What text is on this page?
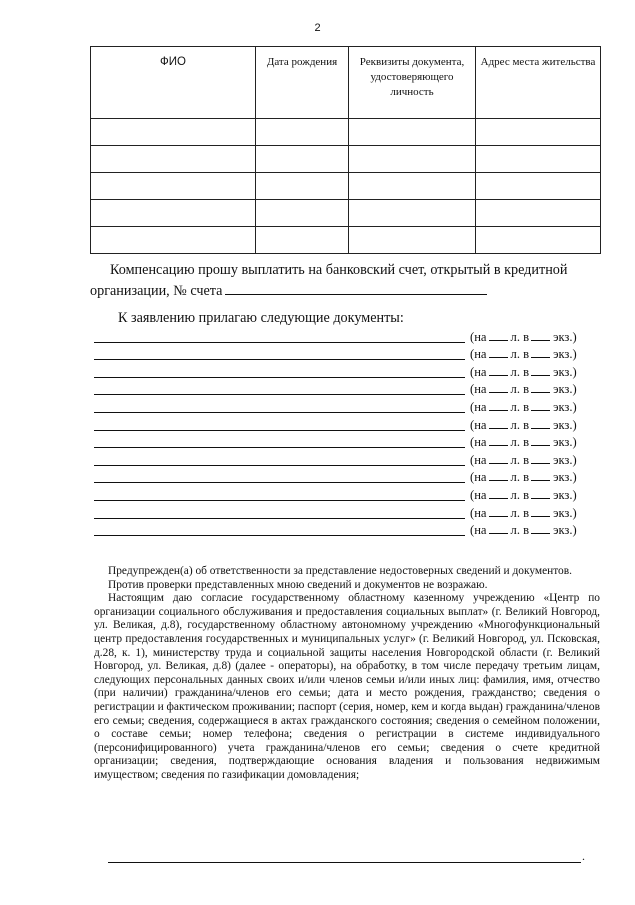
2
ФИО	Дата рождения	Реквизиты документа, удостоверяющего личность	Адрес места жительства

Компенсацию прошу выплатить на банковский счет, открытый в кредитной
организации, № счета
К заявлению прилагаю следующие документы:
(на л. в экз.)
(на л. в экз.)
(на л. в экз.)
(на л. в экз.)
(на л. в экз.)
(на л. в экз.)
(на л. в экз.)
(на л. в экз.)
(на л. в экз.)
(на л. в экз.)
(на л. в экз.)
(на л. в экз.)

Предупрежден(а) об ответственности за представление недостоверных сведений и документов.

Против проверки представленных мною сведений и документов не возражаю.

Настоящим даю согласие государственному областному казенному учреждению «Центр по организации социального обслуживания и предоставления социальных выплат» (г. Великий Новгород, ул. Великая, д.8), государственному областному автономному учреждению «Многофункциональный центр предоставления государственных и муниципальных услуг» (г. Великий Новгород, ул. Псковская, д.28, к. 1), министерству труда и социальной защиты населения Новгородской области (г. Великий Новгород, ул. Великая, д.8) (далее - операторы), на обработку, в том числе передачу третьим лицам, следующих персональных данных своих и/или членов семьи и/или иных лиц: фамилия, имя, отчество (при наличии) гражданина/членов его семьи; дата и место рождения, гражданство; сведения о регистрации и фактическом проживании; паспорт (серия, номер, кем и когда выдан) гражданина/членов его семьи; сведения, содержащиеся в актах гражданского состояния; сведения о семейном положении, о составе семьи; номер телефона; сведения о регистрации в системе индивидуального (персонифицированного) учета гражданина/членов его семьи; сведения о счете кредитной организации; сведения, подтверждающие основания владения и пользования недвижимым имуществом; сведения по газификации домовладения;

.
